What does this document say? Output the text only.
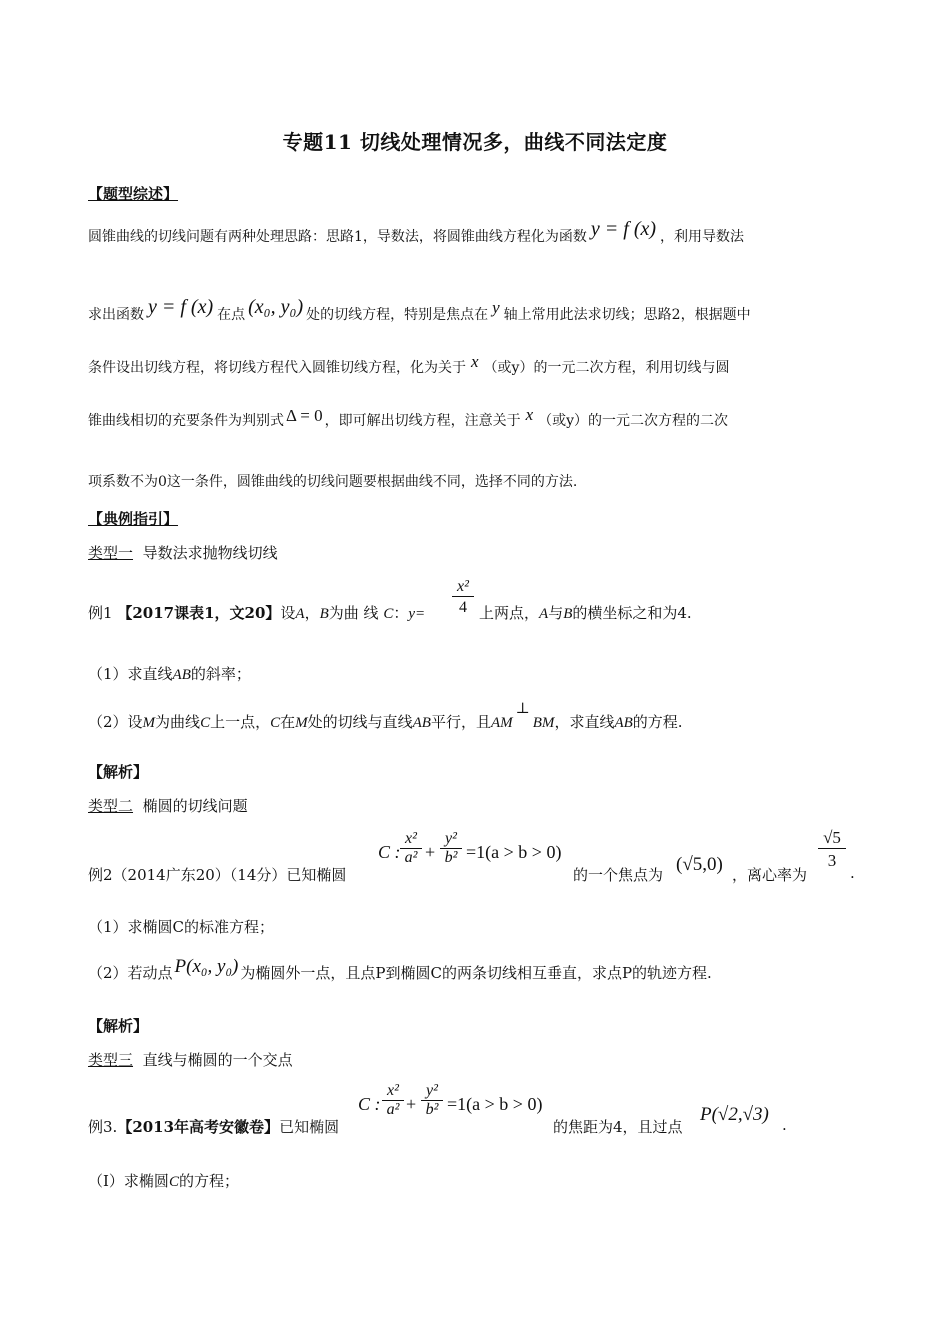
专题11 切线处理情况多，曲线不同法定度
【题型综述】
圆锥曲线的切线问题有两种处理思路：思路1，导数法，将圆锥曲线方程化为函数 y = f (x) ，利用导数法
求出函数 y = f (x) 在点 (x₀, y₀) 处的切线方程，特别是焦点在 y 轴上常用此法求切线；思路2，根据题中
条件设出切线方程，将切线方程代入圆锥切线方程，化为关于 x （或y）的一元二次方程，利用切线与圆
锥曲线相切的充要条件为判别式 Δ = 0 ，即可解出切线方程，注意关于 x （或y）的一元二次方程的二次
项系数不为0这一条件，圆锥曲线的切线问题要根据曲线不同，选择不同的方法.
【典例指引】
类型一 导数法求抛物线切线
例1 【2017课表1，文20】设A，B为曲 线 C：$y= \frac{\text{x²}}{4}$ 上两点，A与B的横坐标之和为4.
（1）求直线AB的斜率；
（2）设M为曲线C上一点，C在M处的切线与直线AB平行，且AM⊥BM，求直线AB的方程.
【解析】
类型二 椭圆的切线问题
例2（2014广东20）（14分）已知椭圆
C : $\frac{\text{x²}}{\text{a²}} + \frac{\text{y²}}{\text{b²}} =1(a > b > 0)$
的一个焦点为 (√5,0) ，离心率为
$\frac{√5}{3}$
.
（1）求椭圆C的标准方程；
（2）若动点 P(x₀, y₀) 为椭圆外一点，且点P到椭圆C的两条切线相互垂直，求点P的轨迹方程.
【解析】
类型三 直线与椭圆的一个交点
例3.【2013年高考安徽卷】已知椭圆
C : $\frac{\text{x²}}{\text{a²}} + \frac{\text{y²}}{\text{b²}} =1(a > b > 0)$
的焦距为4，且过点
P(√2,√3) .
（Ⅰ）求椭圆C的方程；
